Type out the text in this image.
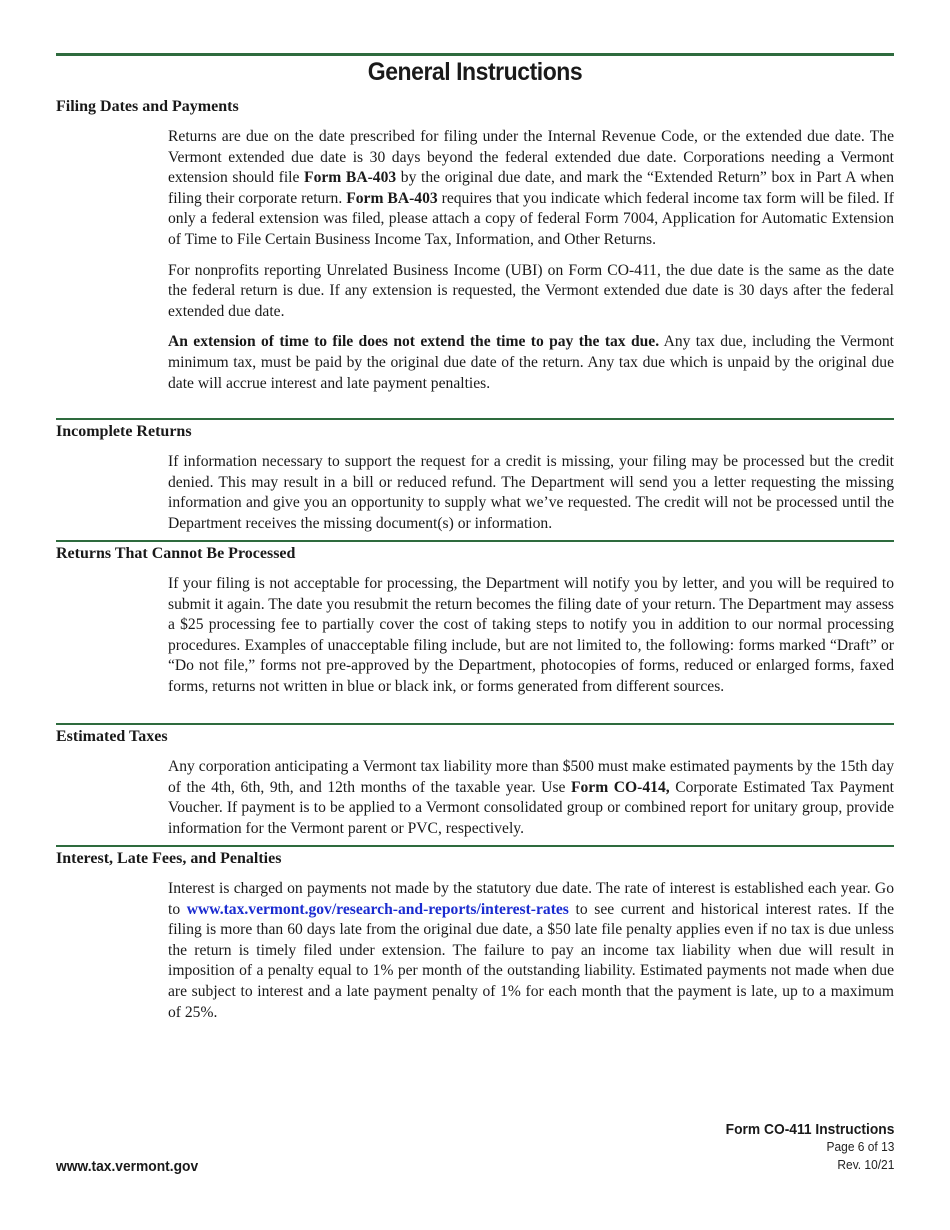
General Instructions
Filing Dates and Payments

Returns are due on the date prescribed for filing under the Internal Revenue Code, or the extended due date. The Vermont extended due date is 30 days beyond the federal extended due date. Corporations needing a Vermont extension should file Form BA-403 by the original due date, and mark the “Extended Return” box in Part A when filing their corporate return. Form BA-403 requires that you indicate which federal income tax form will be filed. If only a federal extension was filed, please attach a copy of federal Form 7004, Application for Automatic Extension of Time to File Certain Business Income Tax, Information, and Other Returns.

For nonprofits reporting Unrelated Business Income (UBI) on Form CO-411, the due date is the same as the date the federal return is due. If any extension is requested, the Vermont extended due date is 30 days after the federal extended due date.

An extension of time to file does not extend the time to pay the tax due. Any tax due, including the Vermont minimum tax, must be paid by the original due date of the return. Any tax due which is unpaid by the original due date will accrue interest and late payment penalties.

Incomplete Returns

If information necessary to support the request for a credit is missing, your filing may be processed but the credit denied. This may result in a bill or reduced refund. The Department will send you a letter requesting the missing information and give you an opportunity to supply what we’ve requested. The credit will not be processed until the Department receives the missing document(s) or information.

Returns That Cannot Be Processed

If your filing is not acceptable for processing, the Department will notify you by letter, and you will be required to submit it again. The date you resubmit the return becomes the filing date of your return. The Department may assess a $25 processing fee to partially cover the cost of taking steps to notify you in addition to our normal processing procedures. Examples of unacceptable filing include, but are not limited to, the following: forms marked “Draft” or “Do not file,” forms not pre-approved by the Department, photocopies of forms, reduced or enlarged forms, faxed forms, returns not written in blue or black ink, or forms generated from different sources.

Estimated Taxes

Any corporation anticipating a Vermont tax liability more than $500 must make estimated payments by the 15th day of the 4th, 6th, 9th, and 12th months of the taxable year. Use Form CO-414, Corporate Estimated Tax Payment Voucher. If payment is to be applied to a Vermont consolidated group or combined report for unitary group, provide information for the Vermont parent or PVC, respectively.

Interest, Late Fees, and Penalties

Interest is charged on payments not made by the statutory due date. The rate of interest is established each year. Go to www.tax.vermont.gov/research-and-reports/interest-rates to see current and historical interest rates. If the filing is more than 60 days late from the original due date, a $50 late file penalty applies even if no tax is due unless the return is timely filed under extension. The failure to pay an income tax liability when due will result in imposition of a penalty equal to 1% per month of the outstanding liability. Estimated payments not made when due are subject to interest and a late payment penalty of 1% for each month that the payment is late, up to a maximum of 25%.

Form CO-411 Instructions
Page 6 of 13
Rev. 10/21
www.tax.vermont.gov
